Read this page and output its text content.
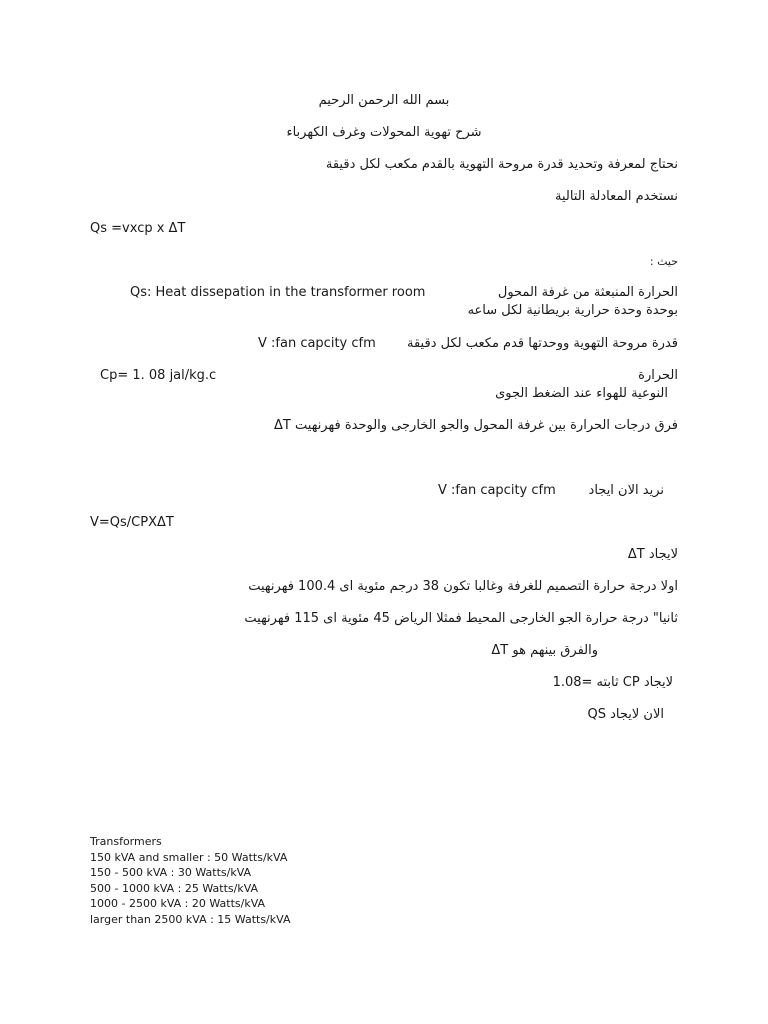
بسم الله الرحمن الرحيم
شرح تهوية المحولات وغرف الكهرباء
نحتاج لمعرفة وتحديد قدرة مروحة التهوية بالقدم مكعب لكل دقيقة
نستخدم المعادلة التالية
Qs =vxcp x ΔT
حيث :
الحرارة المنبعثة من غرفة المحول
Qs: Heat dissepation in the transformer room
بوحدة وحدة حرارية بريطانية لكل ساعه
قدرة مروحة التهوية ووحدتها قدم مكعب لكل دقيقة
V :fan capcity cfm
الحرارة
Cp= 1. 08 jal/kg.c
النوعية للهواء عند الضغط الجوى
فرق درجات الحرارة بين غرفة المحول والجو الخارجى والوحدة فهرنهيت ΔT
نريد الان ايجاد
V :fan capcity cfm
V=Qs/CPXΔT
لايجاد ΔT
اولا درجة حرارة التصميم للغرفة وغالبا تكون 38 درجم مئوية اى 100.4 فهرنهيت
ثانيا" درجة حرارة الجو الخارجى المحيط فمثلا الرياض 45 مئوية اى 115 فهرنهيت
والفرق بينهم هو ΔT
لايجاد CP ثابته =1.08
الان لايجاد QS
Transformers
150 kVA and smaller : 50 Watts/kVA
150 - 500 kVA : 30 Watts/kVA
500 - 1000 kVA : 25 Watts/kVA
1000 - 2500 kVA : 20 Watts/kVA
larger than 2500 kVA : 15 Watts/kVA
